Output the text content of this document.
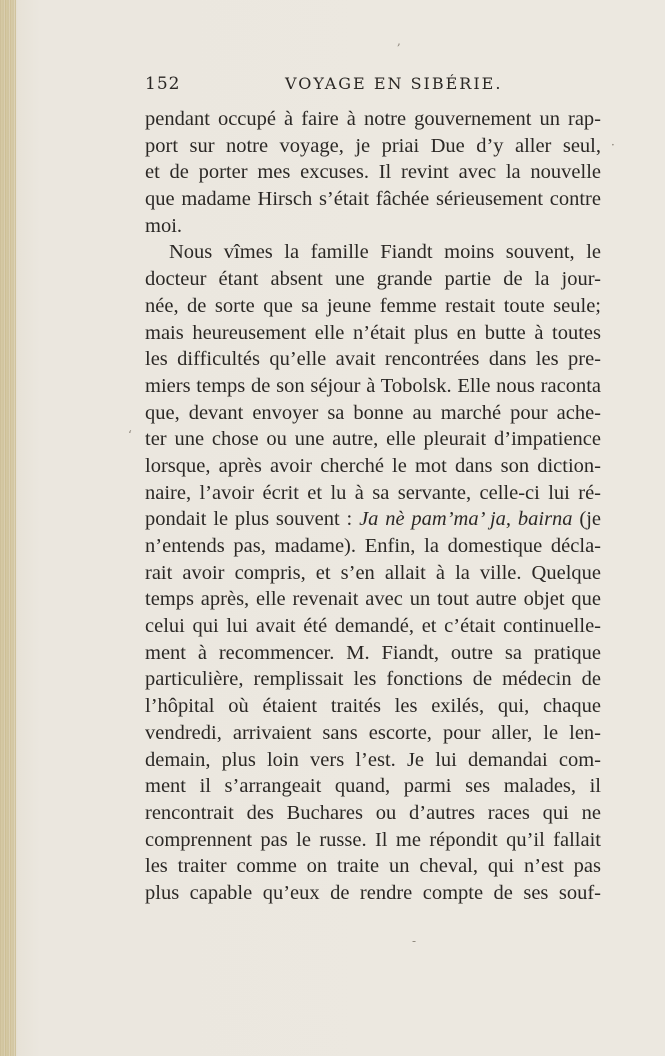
152	VOYAGE EN SIBÉRIE.
pendant occupé à faire à notre gouvernement un rap-
port sur notre voyage, je priai Due d’y aller seul,
et de porter mes excuses. Il revint avec la nouvelle
que madame Hirsch s’était fâchée sérieusement contre
moi.
Nous vîmes la famille Fiandt moins souvent, le
docteur étant absent une grande partie de la jour-
née, de sorte que sa jeune femme restait toute seule;
mais heureusement elle n’était plus en butte à toutes
les difficultés qu’elle avait rencontrées dans les pre-
miers temps de son séjour à Tobolsk. Elle nous raconta
que, devant envoyer sa bonne au marché pour ache-
ter une chose ou une autre, elle pleurait d’impatience
lorsque, après avoir cherché le mot dans son diction-
naire, l’avoir écrit et lu à sa servante, celle-ci lui ré-
pondait le plus souvent : Ja nè pam’ma’ ja, bairna (je
n’entends pas, madame). Enfin, la domestique décla-
rait avoir compris, et s’en allait à la ville. Quelque
temps après, elle revenait avec un tout autre objet que
celui qui lui avait été demandé, et c’était continuelle-
ment à recommencer. M. Fiandt, outre sa pratique
particulière, remplissait les fonctions de médecin de
l’hôpital où étaient traités les exilés, qui, chaque
vendredi, arrivaient sans escorte, pour aller, le len-
demain, plus loin vers l’est. Je lui demandai com-
ment il s’arrangeait quand, parmi ses malades, il
rencontrait des Buchares ou d’autres races qui ne
comprennent pas le russe. Il me répondit qu’il fallait
les traiter comme on traite un cheval, qui n’est pas
plus capable qu’eux de rendre compte de ses souf-
,
·
‘
-
